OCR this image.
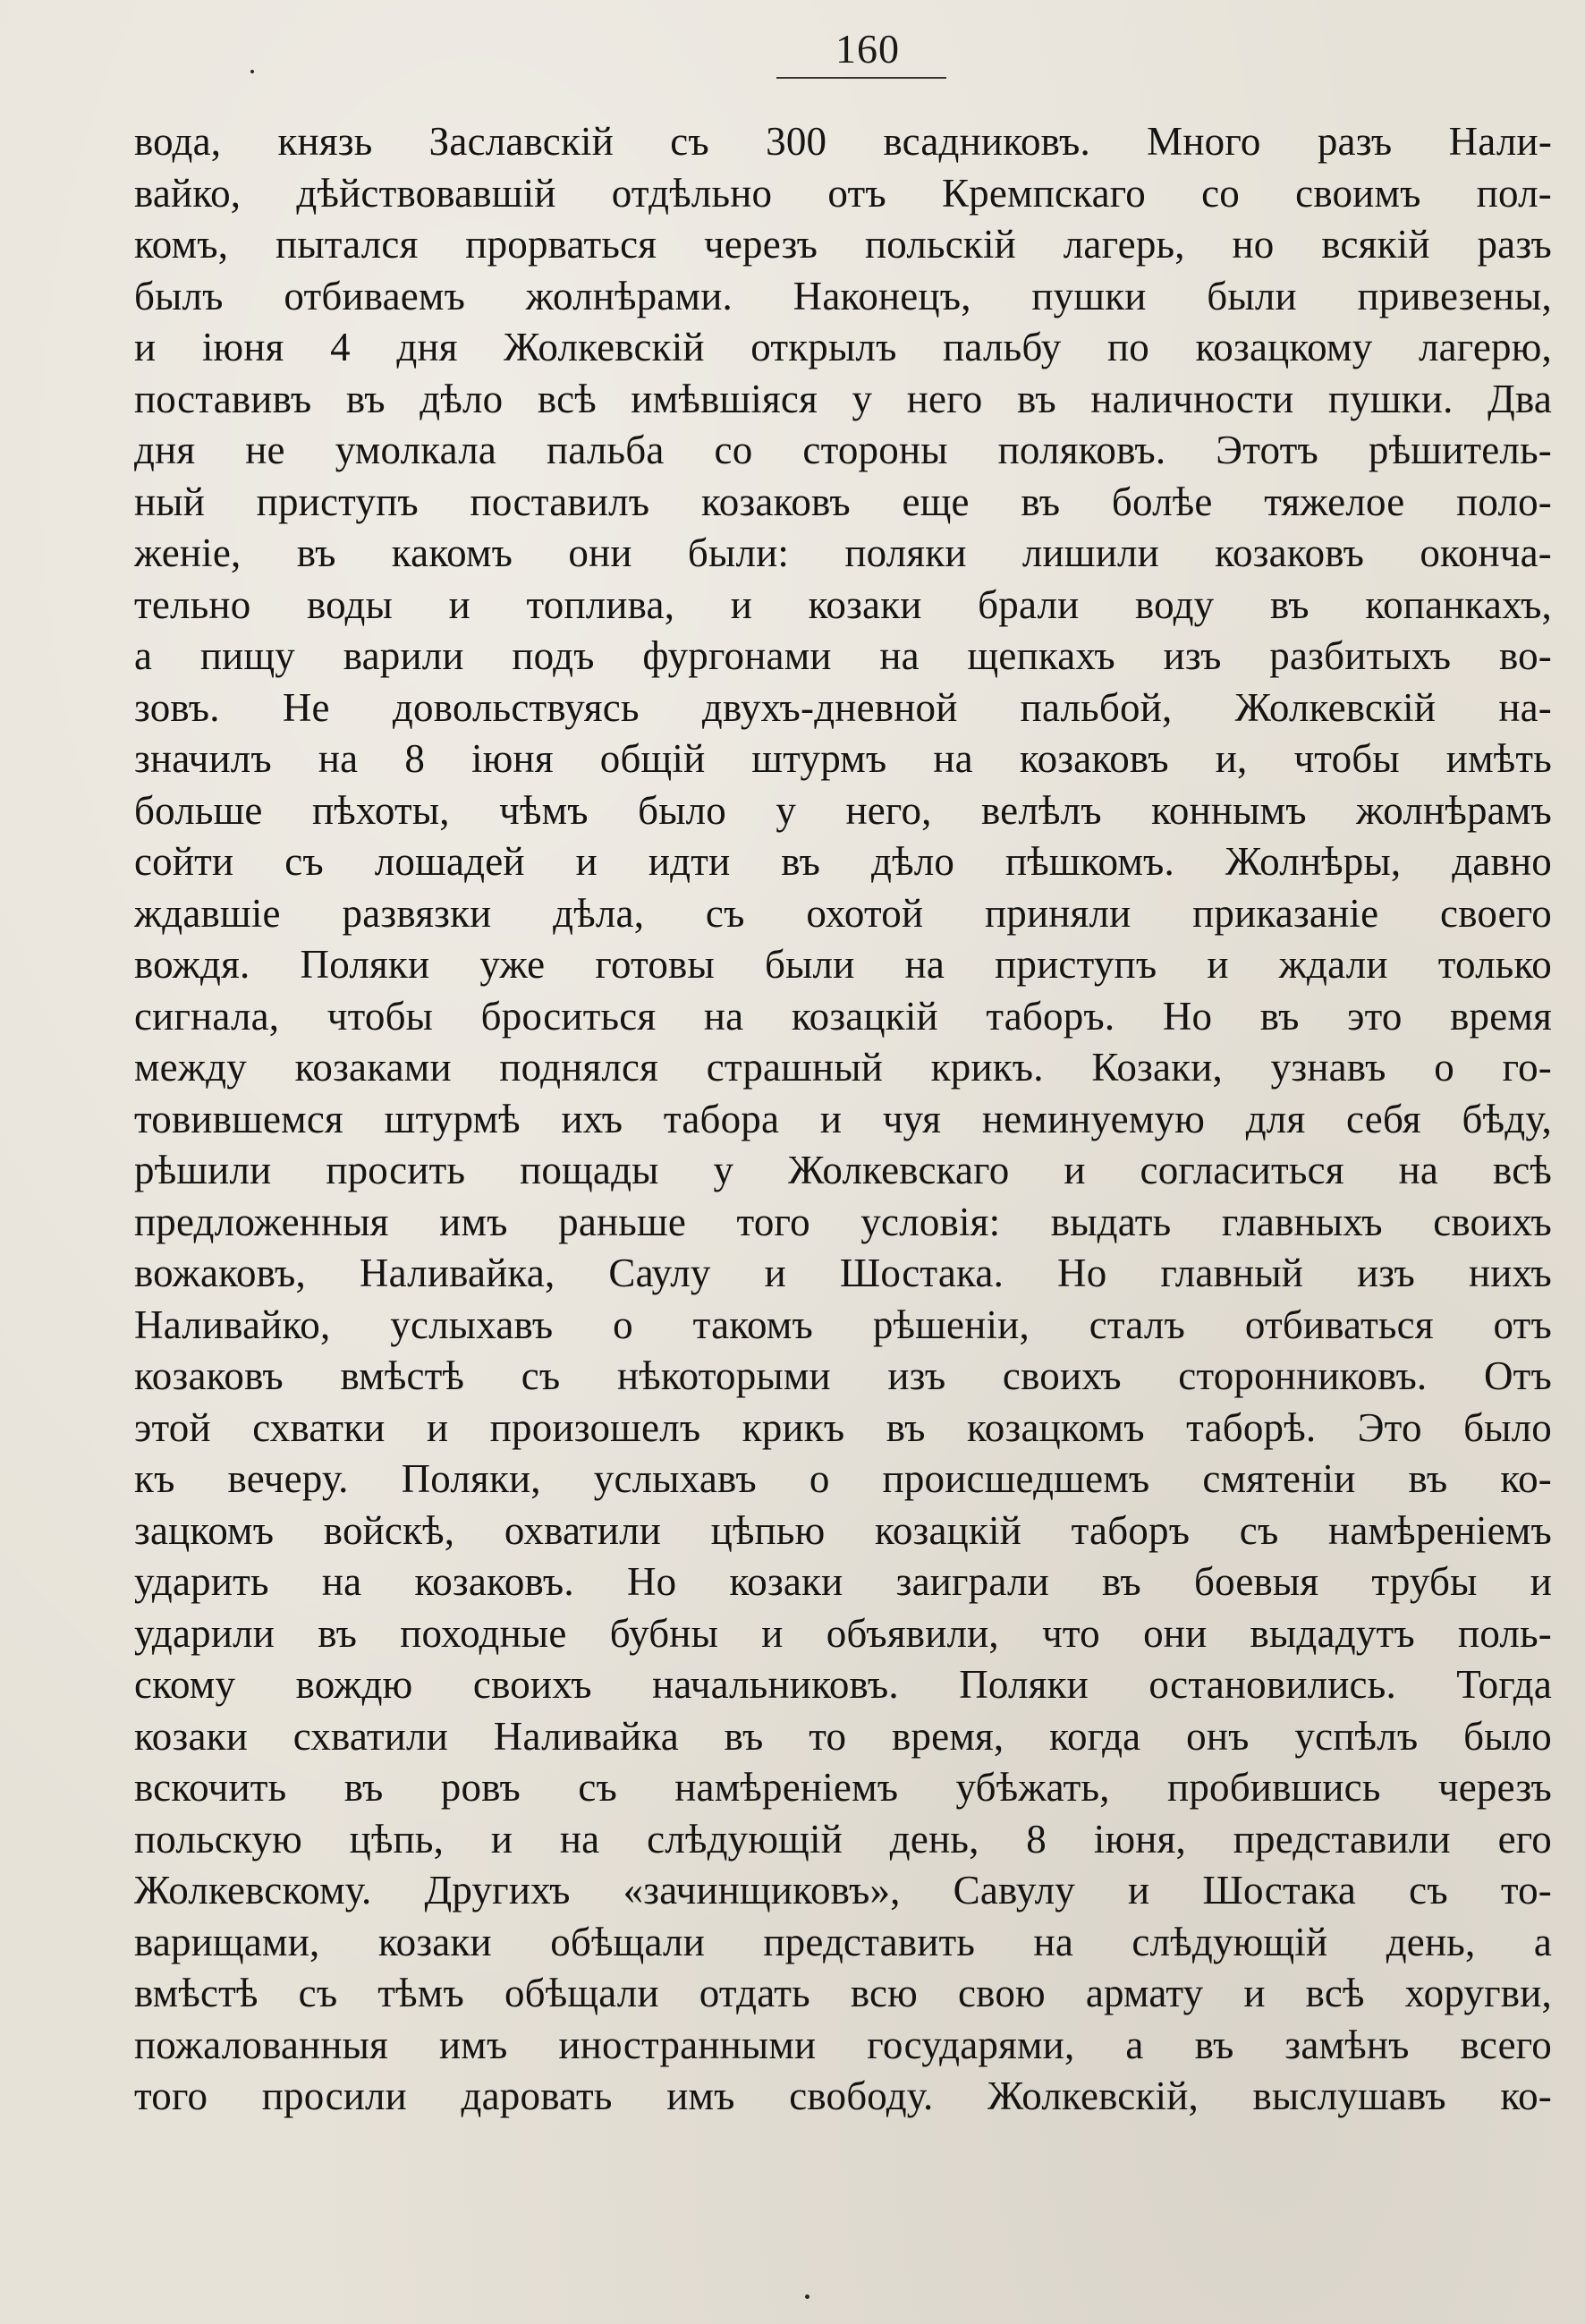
160
вода, князь Заславскій съ 300 всадниковъ. Много разъ Нали-
вайко, дѣйствовавшій отдѣльно отъ Кремпскаго со своимъ пол-
комъ, пытался прорваться черезъ польскій лагерь, но всякій разъ
былъ отбиваемъ жолнѣрами. Наконецъ, пушки были привезены,
и іюня 4 дня Жолкевскій открылъ пальбу по козацкому лагерю,
поставивъ въ дѣло всѣ имѣвшіяся у него въ наличности пушки. Два
дня не умолкала пальба со стороны поляковъ. Этотъ рѣшитель-
ный приступъ поставилъ козаковъ еще въ болѣе тяжелое поло-
женіе, въ какомъ они были: поляки лишили козаковъ оконча-
тельно воды и топлива, и козаки брали воду въ копанкахъ,
а пищу варили подъ фургонами на щепкахъ изъ разбитыхъ во-
зовъ. Не довольствуясь двухъ-дневной пальбой, Жолкевскій на-
значилъ на 8 іюня общій штурмъ на козаковъ и, чтобы имѣть
больше пѣхоты, чѣмъ было у него, велѣлъ коннымъ жолнѣрамъ
сойти съ лошадей и идти въ дѣло пѣшкомъ. Жолнѣры, давно
ждавшіе развязки дѣла, съ охотой приняли приказаніе своего
вождя. Поляки уже готовы были на приступъ и ждали только
сигнала, чтобы броситься на козацкій таборъ. Но въ это время
между козаками поднялся страшный крикъ. Козаки, узнавъ о го-
товившемся штурмѣ ихъ табора и чуя неминуемую для себя бѣду,
рѣшили просить пощады у Жолкевскаго и согласиться на всѣ
предложенныя имъ раньше того условія: выдать главныхъ своихъ
вожаковъ, Наливайка, Саулу и Шостака. Но главный изъ нихъ
Наливайко, услыхавъ о такомъ рѣшеніи, сталъ отбиваться отъ
козаковъ вмѣстѣ съ нѣкоторыми изъ своихъ сторонниковъ. Отъ
этой схватки и произошелъ крикъ въ козацкомъ таборѣ. Это было
къ вечеру. Поляки, услыхавъ о происшедшемъ смятеніи въ ко-
зацкомъ войскѣ, охватили цѣпью козацкій таборъ съ намѣреніемъ
ударить на козаковъ. Но козаки заиграли въ боевыя трубы и
ударили въ походные бубны и объявили, что они выдадутъ поль-
скому вождю своихъ начальниковъ. Поляки остановились. Тогда
козаки схватили Наливайка въ то время, когда онъ успѣлъ было
вскочить въ ровъ съ намѣреніемъ убѣжать, пробившись черезъ
польскую цѣпь, и на слѣдующій день, 8 іюня, представили его
Жолкевскому. Другихъ «зачинщиковъ», Савулу и Шостака съ то-
варищами, козаки обѣщали представить на слѣдующій день, а
вмѣстѣ съ тѣмъ обѣщали отдать всю свою армату и всѣ хоругви,
пожалованныя имъ иностранными государями, а въ замѣнъ всего
того просили даровать имъ свободу. Жолкевскій, выслушавъ ко-
